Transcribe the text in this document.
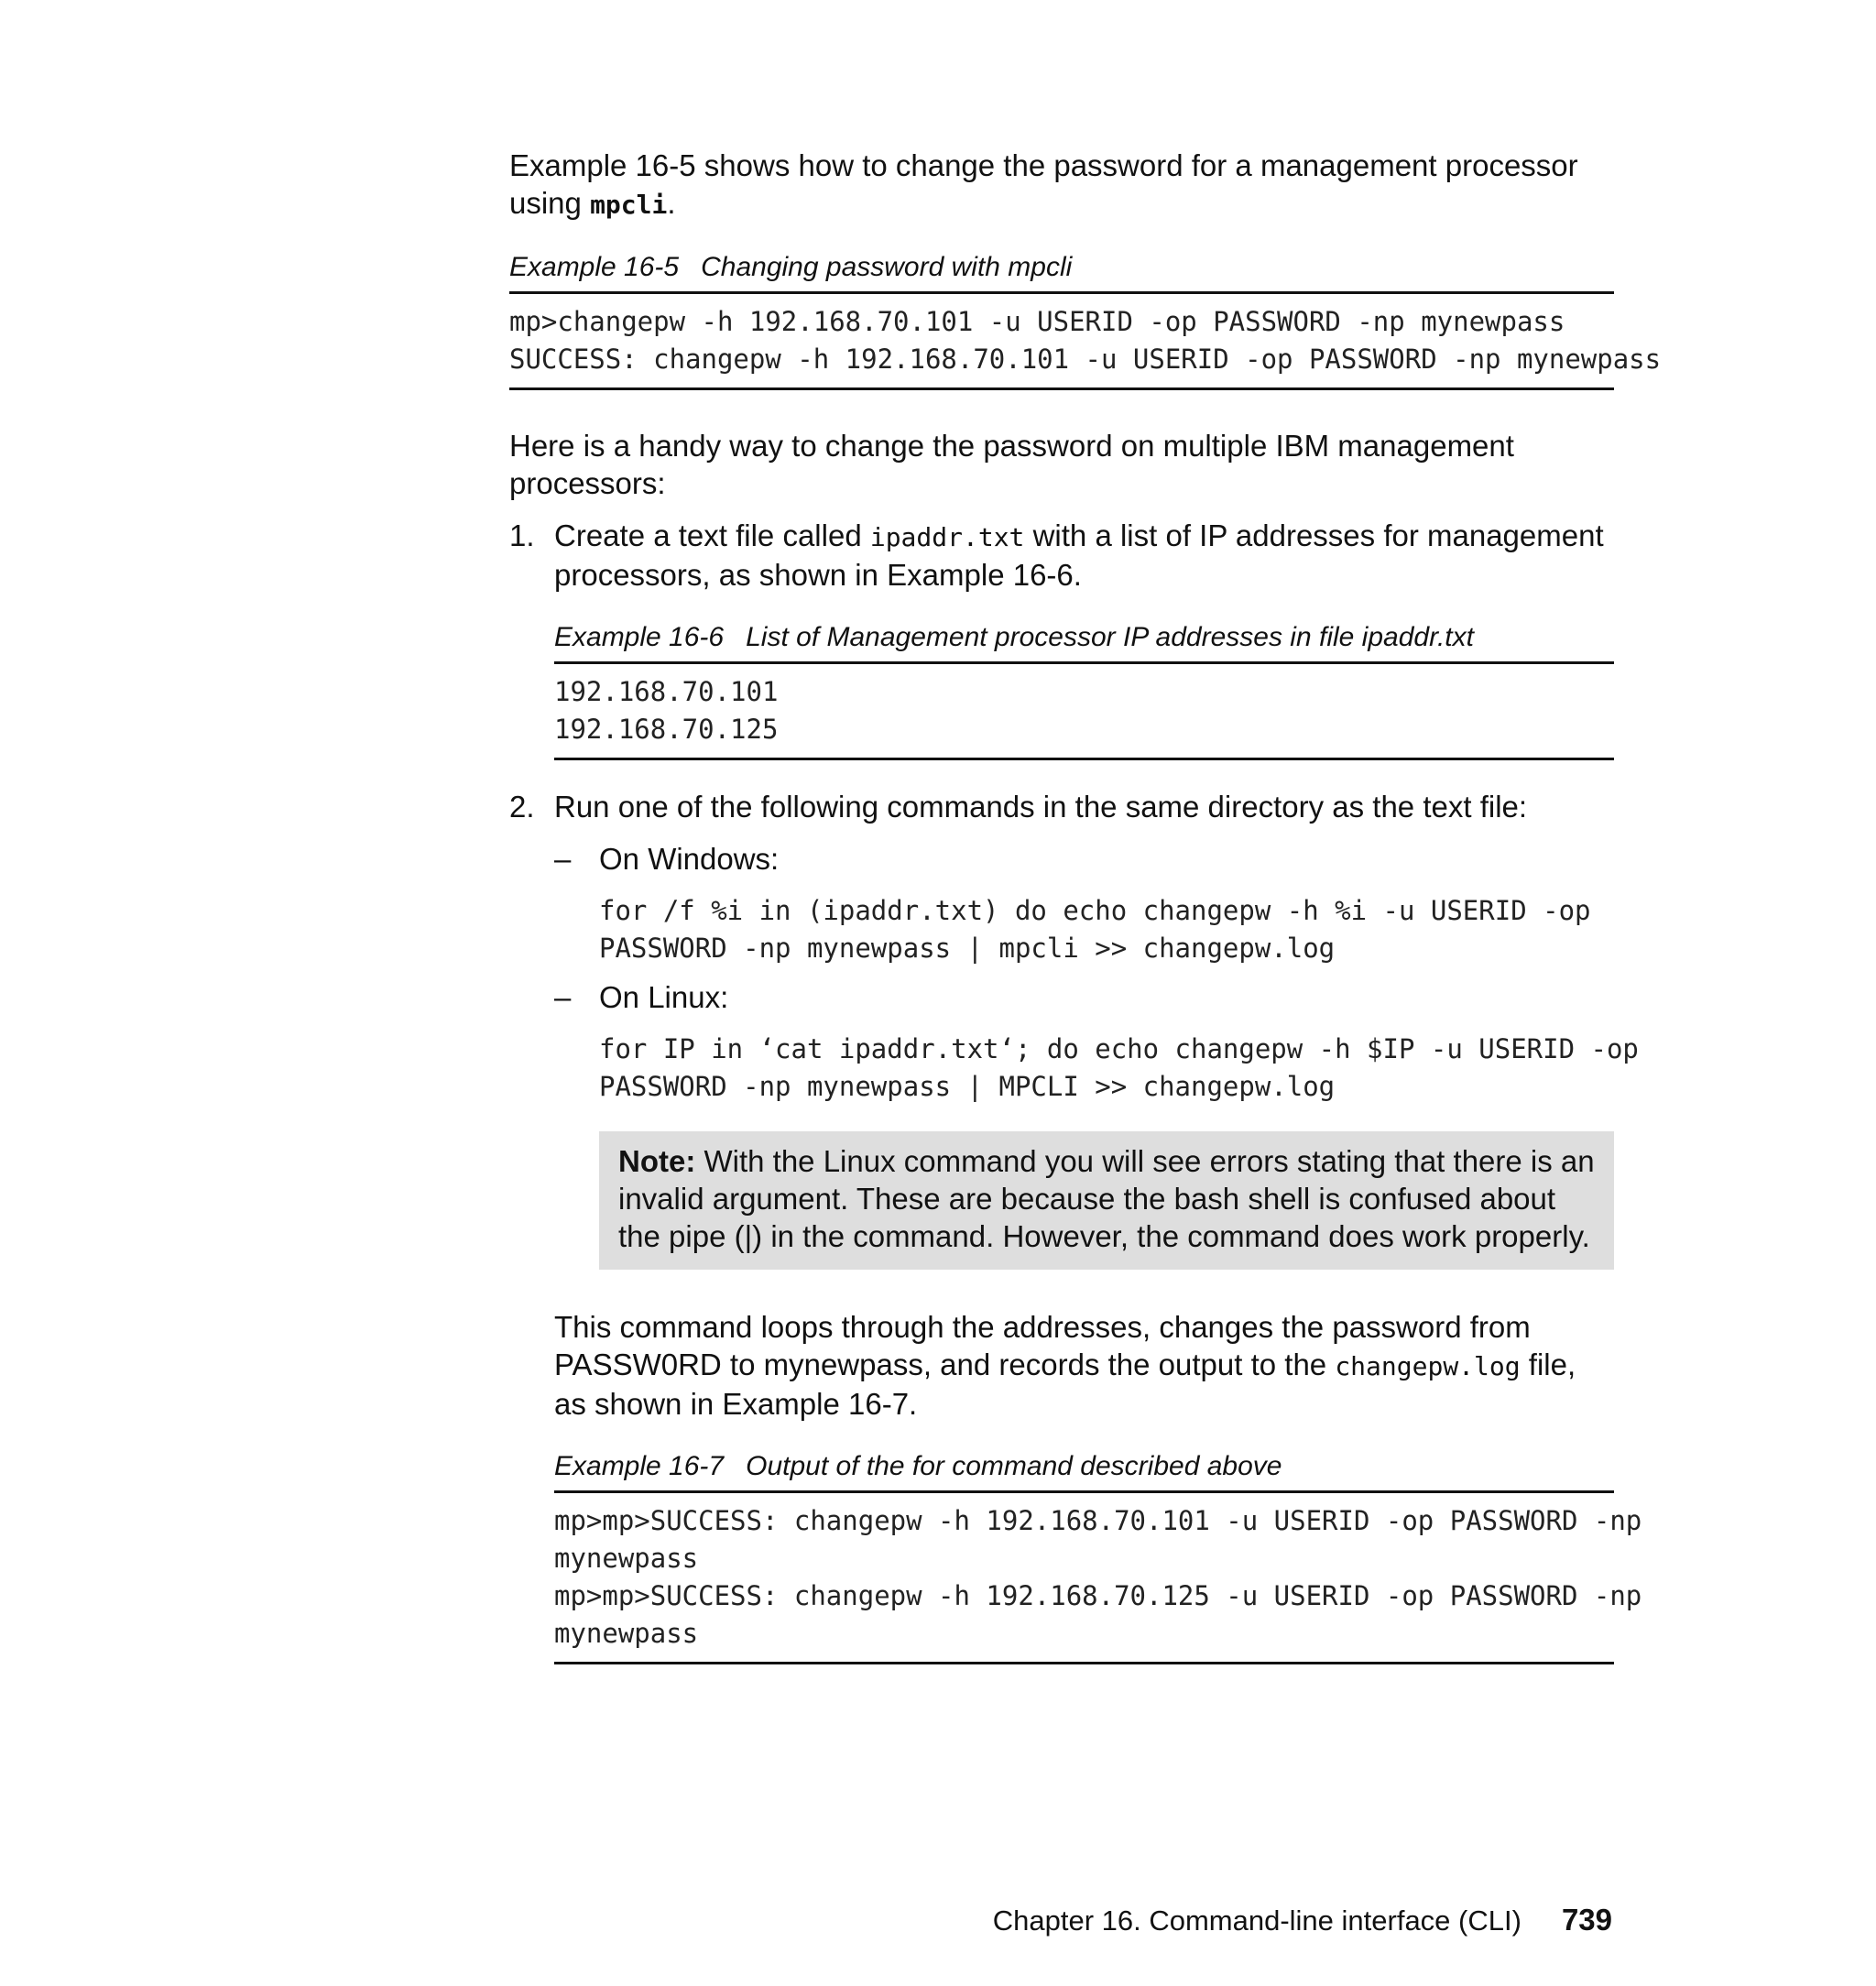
Example 16-5 shows how to change the password for a management processor using mpcli.

Example 16-5 Changing password with mpcli

mp>changepw -h 192.168.70.101 -u USERID -op PASSWORD -np mynewpass
SUCCESS: changepw -h 192.168.70.101 -u USERID -op PASSWORD -np mynewpass

Here is a handy way to change the password on multiple IBM management processors:

1. Create a text file called ipaddr.txt with a list of IP addresses for management processors, as shown in Example 16-6.

Example 16-6 List of Management processor IP addresses in file ipaddr.txt

192.168.70.101
192.168.70.125
2. Run one of the following commands in the same directory as the text file:
– On Windows:
for /f %i in (ipaddr.txt) do echo changepw -h %i -u USERID -op
PASSWORD -np mynewpass | mpcli >> changepw.log
– On Linux:
for IP in ‘cat ipaddr.txt‘; do echo changepw -h $IP -u USERID -op
PASSWORD -np mynewpass | MPCLI >> changepw.log
Note: With the Linux command you will see errors stating that there is an invalid argument. These are because the bash shell is confused about the pipe (|) in the command. However, the command does work properly.

This command loops through the addresses, changes the password from PASSW0RD to mynewpass, and records the output to the changepw.log file, as shown in Example 16-7.

Example 16-7 Output of the for command described above

mp>mp>SUCCESS: changepw -h 192.168.70.101 -u USERID -op PASSWORD -np
mynewpass
mp>mp>SUCCESS: changepw -h 192.168.70.125 -u USERID -op PASSWORD -np
mynewpass
Chapter 16. Command-line interface (CLI) 739
